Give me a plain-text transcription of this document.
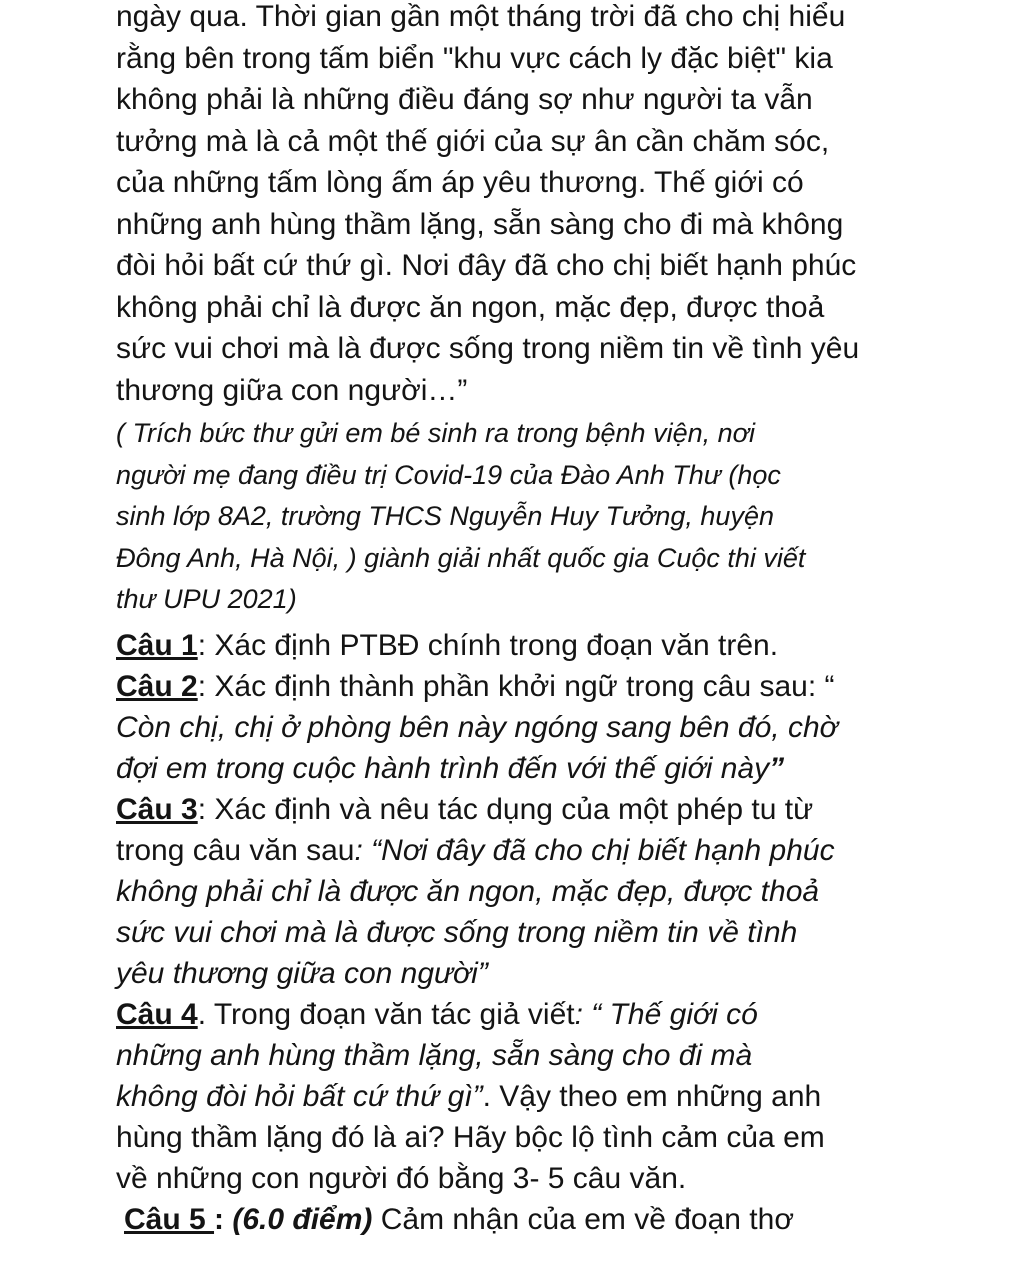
ngày qua. Thời gian gần một tháng trời đã cho chị hiểu

rằng bên trong tấm biển "khu vực cách ly đặc biệt" kia

không phải là những điều đáng sợ như người ta vẫn

tưởng mà là cả một thế giới của sự ân cần chăm sóc,

của những tấm lòng ấm áp yêu thương. Thế giới có

những anh hùng thầm lặng, sẵn sàng cho đi mà không

đòi hỏi bất cứ thứ gì. Nơi đây đã cho chị biết hạnh phúc

không phải chỉ là được ăn ngon, mặc đẹp, được thoả

sức vui chơi mà là được sống trong niềm tin về tình yêu

thương giữa con người…”

( Trích bức thư gửi em bé sinh ra trong bệnh viện, nơi
người mẹ đang điều trị Covid-19 của Đào Anh Thư (học
sinh lớp 8A2, trường THCS Nguyễn Huy Tưởng, huyện
Đông Anh, Hà Nội, ) giành giải nhất quốc gia Cuộc thi viết
thư UPU 2021)
Câu 1: Xác định PTBĐ chính trong đoạn văn trên.
Câu 2: Xác định thành phần khởi ngữ trong câu sau: “
Còn chị, chị ở phòng bên này ngóng sang bên đó, chờ
đợi em trong cuộc hành trình đến với thế giới này”
Câu 3: Xác định và nêu tác dụng của một phép tu từ
trong câu văn sau: “Nơi đây đã cho chị biết hạnh phúc
không phải chỉ là được ăn ngon, mặc đẹp, được thoả
sức vui chơi mà là được sống trong niềm tin về tình
yêu thương giữa con người”
Câu 4. Trong đoạn văn tác giả viết: “ Thế giới có
những anh hùng thầm lặng, sẵn sàng cho đi mà
không đòi hỏi bất cứ thứ gì”. Vậy theo em những anh
hùng thầm lặng đó là ai? Hãy bộc lộ tình cảm của em
về những con người đó bằng 3- 5 câu văn.
Câu 5 : (6.0 điểm) Cảm nhận của em về đoạn thơ
